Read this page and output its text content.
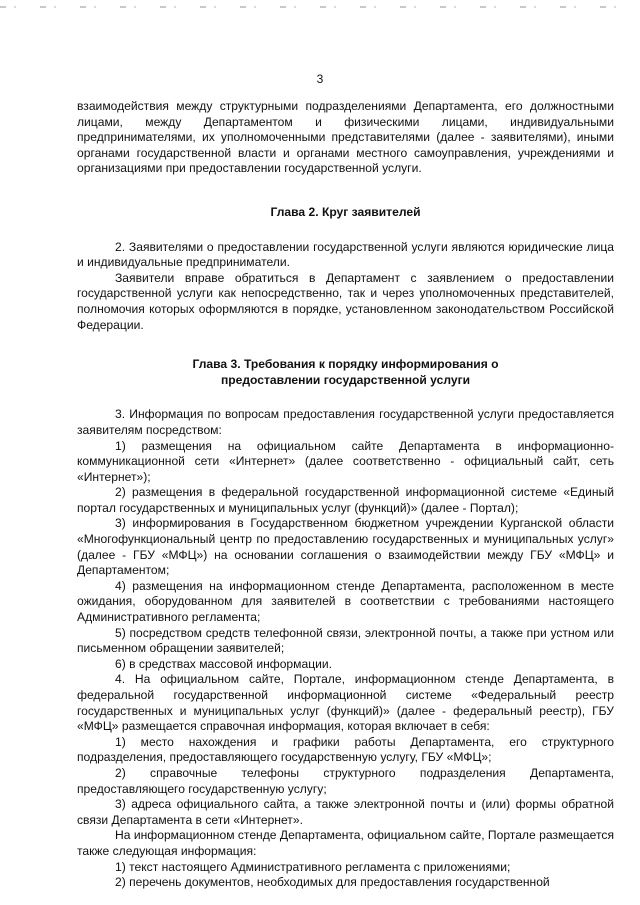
3

взаимодействия между структурными подразделениями Департамента, его должностными лицами, между Департаментом и физическими лицами, индивидуальными предпринимателями, их уполномоченными представителями (далее - заявителями), иными органами государственной власти и органами местного самоуправления, учреждениями и организациями при предоставлении государственной услуги.

Глава 2. Круг заявителей

2. Заявителями о предоставлении государственной услуги являются юридические лица и индивидуальные предприниматели.

Заявители вправе обратиться в Департамент с заявлением о предоставлении государственной услуги как непосредственно, так и через уполномоченных представителей, полномочия которых оформляются в порядке, установленном законодательством Российской Федерации.

Глава 3. Требования к порядку информирования о

предоставлении государственной услуги

3. Информация по вопросам предоставления государственной услуги предоставляется заявителям посредством:

1) размещения на официальном сайте Департамента в информационно-коммуникационной сети «Интернет» (далее соответственно - официальный сайт, сеть «Интернет»);

2) размещения в федеральной государственной информационной системе «Единый портал государственных и муниципальных услуг (функций)» (далее - Портал);

3) информирования в Государственном бюджетном учреждении Курганской области «Многофункциональный центр по предоставлению государственных и муниципальных услуг» (далее - ГБУ «МФЦ») на основании соглашения о взаимодействии между ГБУ «МФЦ» и Департаментом;

4) размещения на информационном стенде Департамента, расположенном в месте ожидания, оборудованном для заявителей в соответствии с требованиями настоящего Административного регламента;

5) посредством средств телефонной связи, электронной почты, а также при устном или письменном обращении заявителей;

6) в средствах массовой информации.

4. На официальном сайте, Портале, информационном стенде Департамента, в федеральной государственной информационной системе «Федеральный реестр государственных и муниципальных услуг (функций)» (далее - федеральный реестр), ГБУ «МФЦ» размещается справочная информация, которая включает в себя:

1) место нахождения и графики работы Департамента, его структурного подразделения, предоставляющего государственную услугу, ГБУ «МФЦ»;

2) справочные телефоны структурного подразделения Департамента, предоставляющего государственную услугу;

3) адреса официального сайта, а также электронной почты и (или) формы обратной связи Департамента в сети «Интернет».

На информационном стенде Департамента, официальном сайте, Портале размещается также следующая информация:

1) текст настоящего Административного регламента с приложениями;

2) перечень документов, необходимых для предоставления государственной
